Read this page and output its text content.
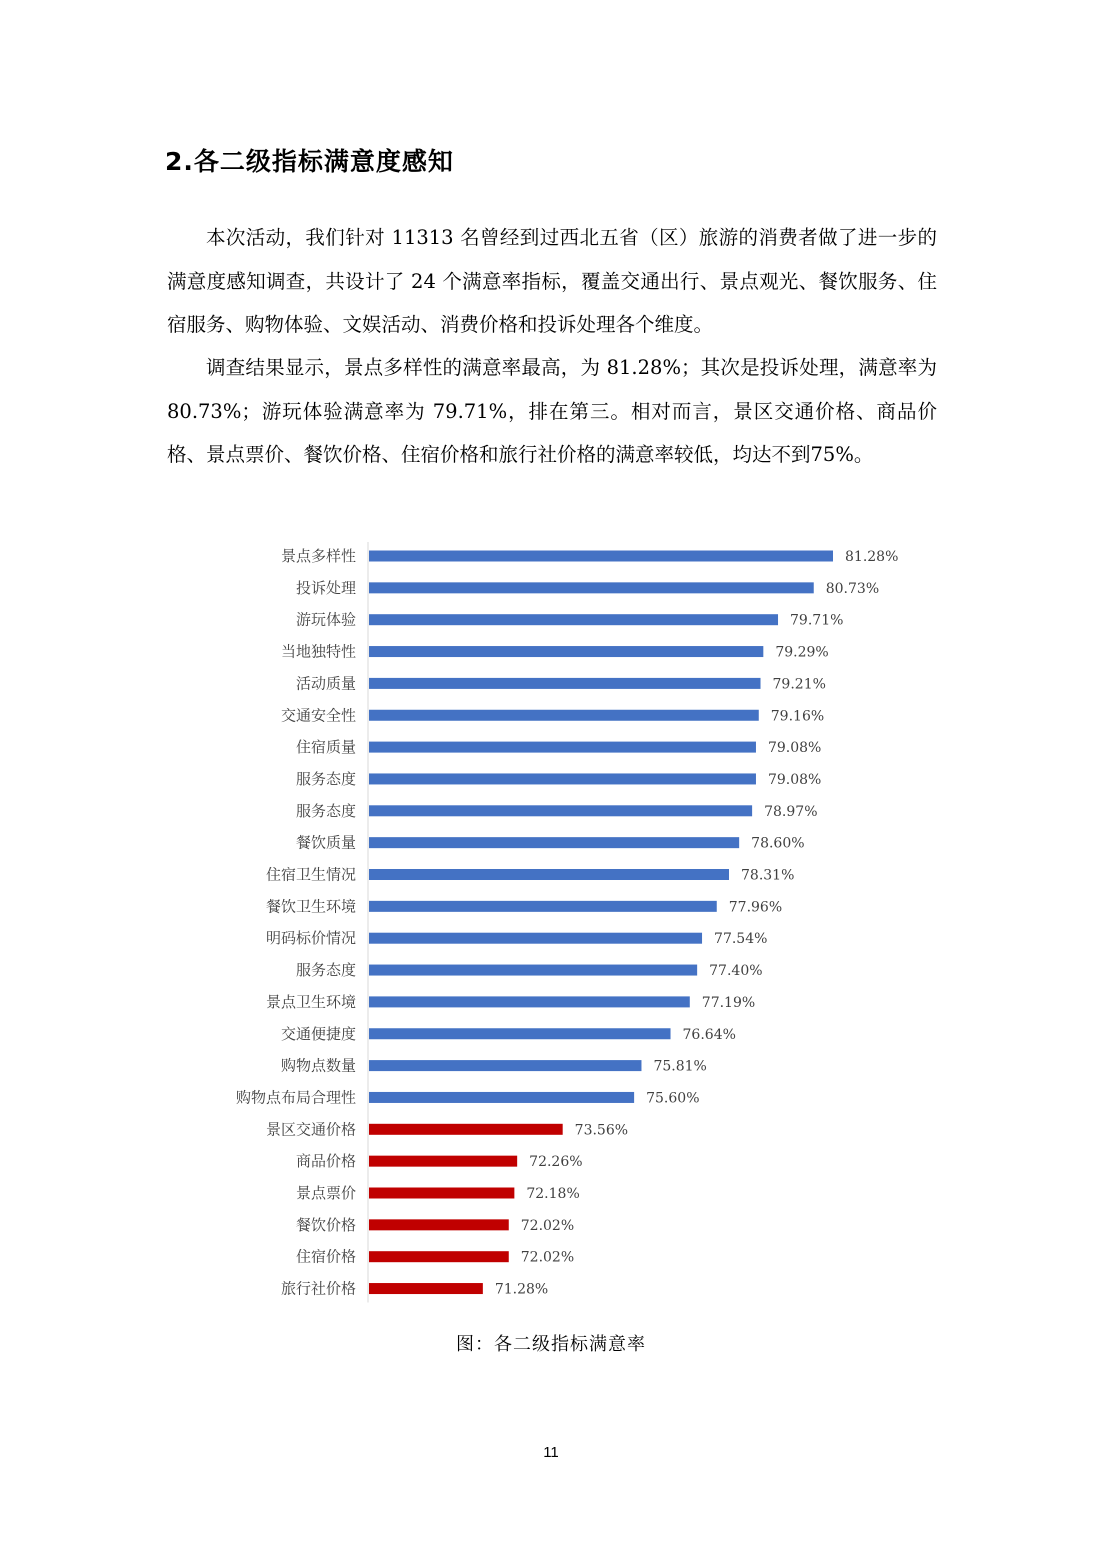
2.各二级指标满意度感知

本次活动，我们针对 11313 名曾经到过西北五省（区）旅游的消费者做了进一步的满意度感知调查，共设计了 24 个满意率指标，覆盖交通出行、景点观光、餐饮服务、住宿服务、购物体验、文娱活动、消费价格和投诉处理各个维度。

调查结果显示，景点多样性的满意率最高，为 81.28%；其次是投诉处理，满意率为 80.73%；游玩体验满意率为 79.71%，排在第三。相对而言，景区交通价格、商品价格、景点票价、餐饮价格、住宿价格和旅行社价格的满意率较低，均达不到75%。

景点多样性	81.28%
投诉处理	80.73%
游玩体验	79.71%
当地独特性	79.29%
活动质量	79.21%
交通安全性	79.16%
住宿质量	79.08%
服务态度	79.08%
服务态度	78.97%
餐饮质量	78.60%
住宿卫生情况	78.31%
餐饮卫生环境	77.96%
明码标价情况	77.54%
服务态度	77.40%
景点卫生环境	77.19%
交通便捷度	76.64%
购物点数量	75.81%
购物点布局合理性	75.60%
景区交通价格	73.56%
商品价格	72.26%
景点票价	72.18%
餐饮价格	72.02%
住宿价格	72.02%
旅行社价格	71.28%
图：各二级指标满意率
11
